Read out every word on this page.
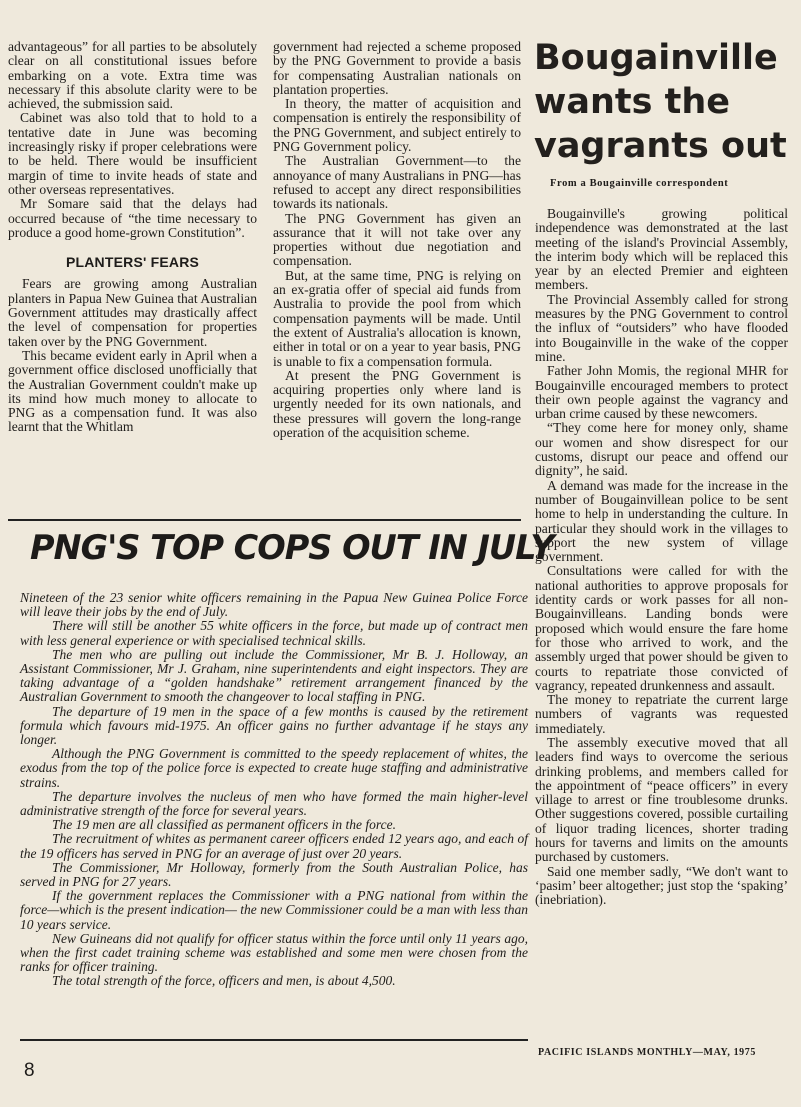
advantageous” for all parties to be absolutely clear on all constitutional issues before embarking on a vote. Extra time was necessary if this absolute clarity were to be achieved, the submission said.

Cabinet was also told that to hold to a tentative date in June was becoming increasingly risky if proper celebrations were to be held. There would be insufficient margin of time to invite heads of state and other overseas representatives.

Mr Somare said that the delays had occurred because of “the time necessary to produce a good home-grown Constitution”.

PLANTERS' FEARS

Fears are growing among Australian planters in Papua New Guinea that Australian Government attitudes may drastically affect the level of compensation for properties taken over by the PNG Government.

This became evident early in April when a government office disclosed unofficially that the Australian Government couldn't make up its mind how much money to allocate to PNG as a compensation fund. It was also learnt that the Whitlam

government had rejected a scheme proposed by the PNG Government to provide a basis for compensating Australian nationals on plantation properties.

In theory, the matter of acquisition and compensation is entirely the responsibility of the PNG Government, and subject entirely to PNG Government policy.

The Australian Government—to the annoyance of many Australians in PNG—has refused to accept any direct responsibilities towards its nationals.

The PNG Government has given an assurance that it will not take over any properties without due negotiation and compensation.

But, at the same time, PNG is relying on an ex-gratia offer of special aid funds from Australia to provide the pool from which compensation payments will be made. Until the extent of Australia's allocation is known, either in total or on a year to year basis, PNG is unable to fix a compensation formula.

At present the PNG Government is acquiring properties only where land is urgently needed for its own nationals, and these pressures will govern the long-range operation of the acquisition scheme.

Bougainville
wants the
vagrants out
From a Bougainville correspondent

Bougainville's growing political independence was demonstrated at the last meeting of the island's Provincial Assembly, the interim body which will be replaced this year by an elected Premier and eighteen members.

The Provincial Assembly called for strong measures by the PNG Government to control the influx of “outsiders” who have flooded into Bougainville in the wake of the copper mine.

Father John Momis, the regional MHR for Bougainville encouraged members to protect their own people against the vagrancy and urban crime caused by these newcomers.

“They come here for money only, shame our women and show disrespect for our customs, disrupt our peace and offend our dignity”, he said.

A demand was made for the increase in the number of Bougainvillean police to be sent home to help in understanding the culture. In particular they should work in the villages to support the new system of village government.

Consultations were called for with the national authorities to approve proposals for identity cards or work passes for all non-Bougainvilleans. Landing bonds were proposed which would ensure the fare home for those who arrived to work, and the assembly urged that power should be given to courts to repatriate those convicted of vagrancy, repeated drunkenness and assault.

The money to repatriate the current large numbers of vagrants was requested immediately.

The assembly executive moved that all leaders find ways to overcome the serious drinking problems, and members called for the appointment of “peace officers” in every village to arrest or fine troublesome drunks. Other suggestions covered, possible curtailing of liquor trading licences, shorter trading hours for taverns and limits on the amounts purchased by customers.

Said one member sadly, “We don't want to ‘pasim’ beer altogether; just stop the ‘spaking’ (inebriation).

PNG'S TOP COPS OUT IN JULY

Nineteen of the 23 senior white officers remaining in the Papua New Guinea Police Force will leave their jobs by the end of July.

There will still be another 55 white officers in the force, but made up of contract men with less general experience or with specialised technical skills.

The men who are pulling out include the Commissioner, Mr B. J. Holloway, an Assistant Commissioner, Mr J. Graham, nine superintendents and eight inspectors. They are taking advantage of a “golden handshake” retirement arrangement financed by the Australian Government to smooth the changeover to local staffing in PNG.

The departure of 19 men in the space of a few months is caused by the retirement formula which favours mid-1975. An officer gains no further advantage if he stays any longer.

Although the PNG Government is committed to the speedy replacement of whites, the exodus from the top of the police force is expected to create huge staffing and administrative strains.

The departure involves the nucleus of men who have formed the main higher-level administrative strength of the force for several years.

The 19 men are all classified as permanent officers in the force.

The recruitment of whites as permanent career officers ended 12 years ago, and each of the 19 officers has served in PNG for an average of just over 20 years.

The Commissioner, Mr Holloway, formerly from the South Australian Police, has served in PNG for 27 years.

If the government replaces the Commissioner with a PNG national from within the force—which is the present indication— the new Commissioner could be a man with less than 10 years service.

New Guineans did not qualify for officer status within the force until only 11 years ago, when the first cadet training scheme was established and some men were chosen from the ranks for officer training.

The total strength of the force, officers and men, is about 4,500.

8
PACIFIC ISLANDS MONTHLY—MAY, 1975
